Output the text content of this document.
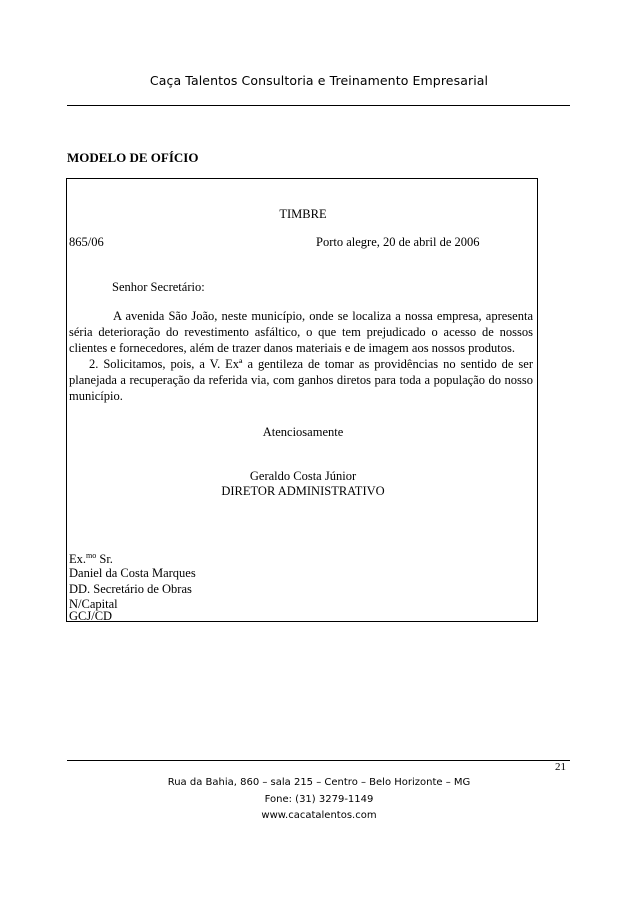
Caça Talentos Consultoria e Treinamento Empresarial
MODELO DE OFÍCIO
TIMBRE
865/06	Porto alegre, 20 de abril de 2006
Senhor Secretário:

A avenida São João, neste município, onde se localiza a nossa empresa, apresenta séria deterioração do revestimento asfáltico, o que tem prejudicado o acesso de nossos clientes e fornecedores, além de trazer danos materiais e de imagem aos nossos produtos.

2. Solicitamos, pois, a V. Exª a gentileza de tomar as providências no sentido de ser planejada a recuperação da referida via, com ganhos diretos para toda a população do nosso município.

Atenciosamente
Geraldo Costa Júnior
DIRETOR ADMINISTRATIVO
Ex.$^{mo}$ Sr.
Daniel da Costa Marques
DD. Secretário de Obras
N/Capital
GCJ/CD
21
Rua da Bahia, 860 – sala 215 – Centro – Belo Horizonte – MG
Fone: (31) 3279-1149
www.cacatalentos.com
